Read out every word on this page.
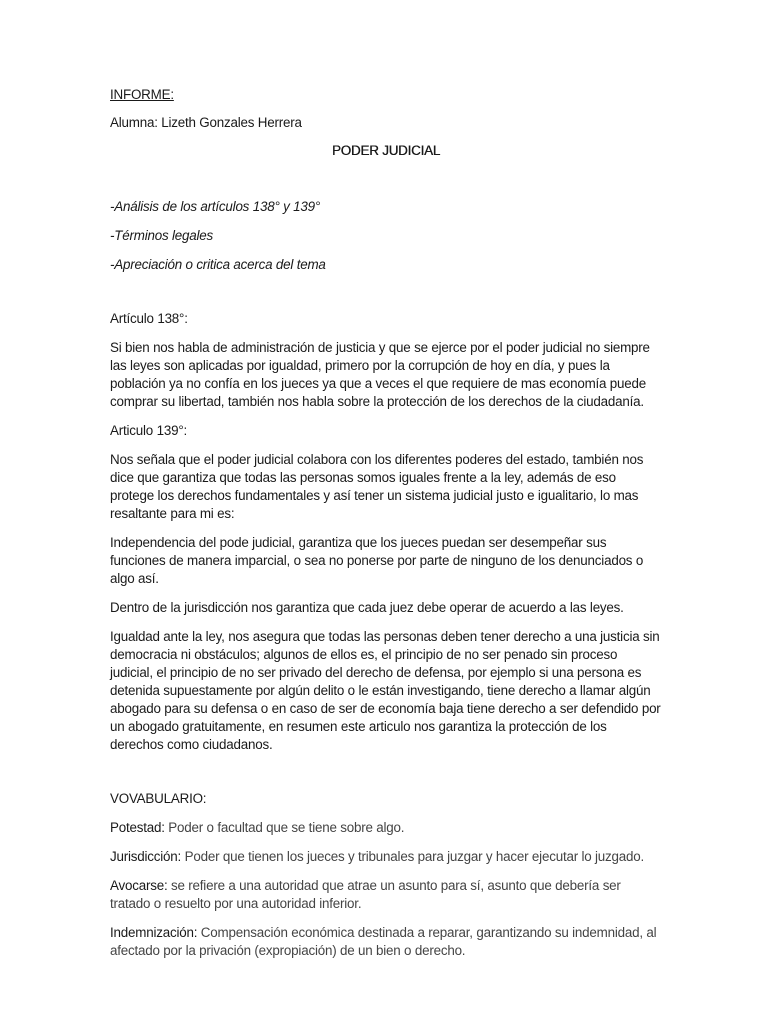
INFORME:

Alumna: Lizeth Gonzales Herrera

PODER JUDICIAL

-Análisis de los artículos 138° y 139°

-Términos legales

-Apreciación o critica acerca del tema

Artículo 138°:

Si bien nos habla de administración de justicia y que se ejerce por el poder judicial no siempre las leyes son aplicadas por igualdad, primero por la corrupción de hoy en día, y pues la población ya no confía en los jueces ya que a veces el que requiere de mas economía puede comprar su libertad, también nos habla sobre la protección de los derechos de la ciudadanía.

Articulo 139°:

Nos señala que el poder judicial colabora con los diferentes poderes del estado, también nos dice que garantiza que todas las personas somos iguales frente a la ley, además de eso protege los derechos fundamentales y así tener un sistema judicial justo e igualitario, lo mas resaltante para mi es:

Independencia del pode judicial, garantiza que los jueces puedan ser desempeñar sus funciones de manera imparcial, o sea no ponerse por parte de ninguno de los denunciados o algo así.

Dentro de la jurisdicción nos garantiza que cada juez debe operar de acuerdo a las leyes.

Igualdad ante la ley, nos asegura que todas las personas deben tener derecho a una justicia sin democracia ni obstáculos; algunos de ellos es, el principio de no ser penado sin proceso judicial, el principio de no ser privado del derecho de defensa, por ejemplo si una persona es detenida supuestamente por algún delito o le están investigando, tiene derecho a llamar algún abogado para su defensa o en caso de ser de economía baja tiene derecho a ser defendido por un abogado gratuitamente, en resumen este articulo nos garantiza la protección de los derechos como ciudadanos.

VOVABULARIO:

Potestad: Poder o facultad que se tiene sobre algo.

Jurisdicción: Poder que tienen los jueces y tribunales para juzgar y hacer ejecutar lo juzgado.

Avocarse: se refiere a una autoridad que atrae un asunto para sí, asunto que debería ser tratado o resuelto por una autoridad inferior.

Indemnización: Compensación económica destinada a reparar, garantizando su indemnidad, al afectado por la privación (expropiación) de un bien o derecho.
